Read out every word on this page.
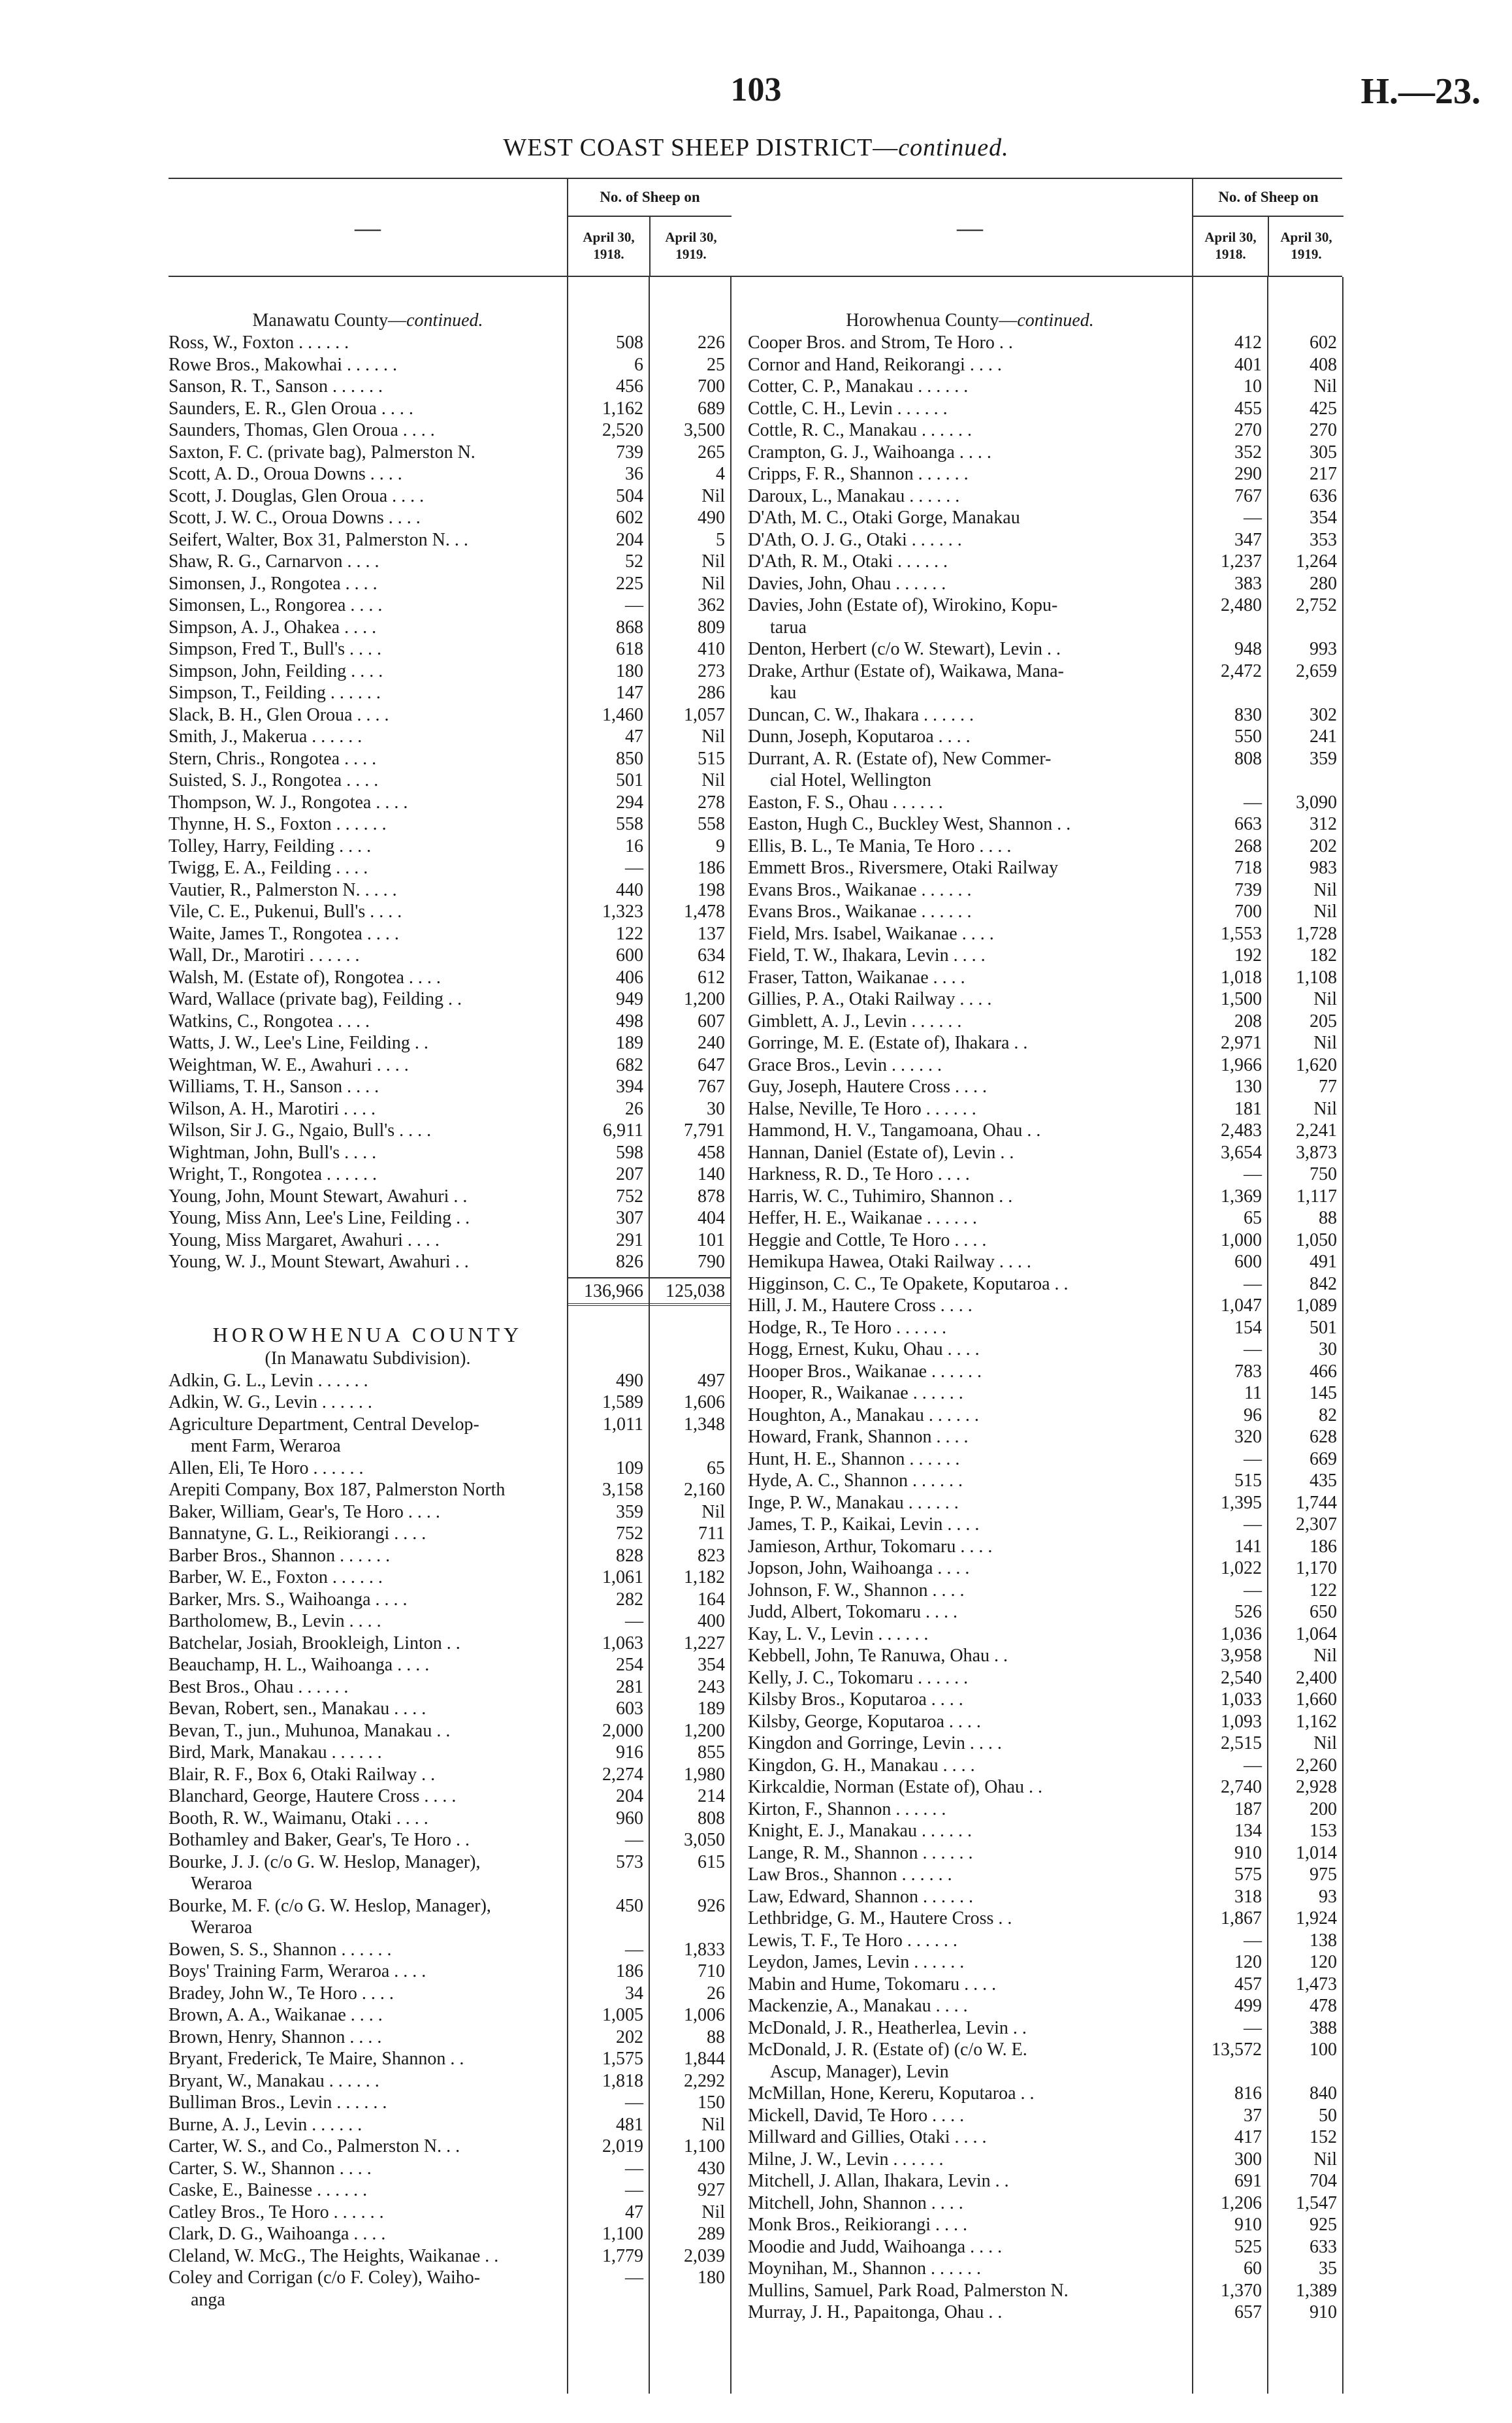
103	H.—23.
WEST COAST SHEEP DISTRICT—continued.
—
No. of Sheep on
April 30, 1918.
April 30, 1919.
Manawatu County—continued.
Ross, W., Foxton . . . . . .	508	226
Rowe Bros., Makowhai . . . . . .	6	25
Sanson, R. T., Sanson . . . . . .	456	700
Saunders, E. R., Glen Oroua . . . .	1,162	689
Saunders, Thomas, Glen Oroua . . . .	2,520	3,500
Saxton, F. C. (private bag), Palmerston N.	739	265
Scott, A. D., Oroua Downs . . . .	36	4
Scott, J. Douglas, Glen Oroua . . . .	504	Nil
Scott, J. W. C., Oroua Downs . . . .	602	490
Seifert, Walter, Box 31, Palmerston N. . .	204	5
Shaw, R. G., Carnarvon . . . .	52	Nil
Simonsen, J., Rongotea . . . .	225	Nil
Simonsen, L., Rongorea . . . .	—	362
Simpson, A. J., Ohakea . . . .	868	809
Simpson, Fred T., Bull's . . . .	618	410
Simpson, John, Feilding . . . .	180	273
Simpson, T., Feilding . . . . . .	147	286
Slack, B. H., Glen Oroua . . . .	1,460	1,057
Smith, J., Makerua . . . . . .	47	Nil
Stern, Chris., Rongotea . . . .	850	515
Suisted, S. J., Rongotea . . . .	501	Nil
Thompson, W. J., Rongotea . . . .	294	278
Thynne, H. S., Foxton . . . . . .	558	558
Tolley, Harry, Feilding . . . .	16	9
Twigg, E. A., Feilding . . . .	—	186
Vautier, R., Palmerston N. . . . .	440	198
Vile, C. E., Pukenui, Bull's . . . .	1,323	1,478
Waite, James T., Rongotea . . . .	122	137
Wall, Dr., Marotiri . . . . . .	600	634
Walsh, M. (Estate of), Rongotea . . . .	406	612
Ward, Wallace (private bag), Feilding . .	949	1,200
Watkins, C., Rongotea . . . .	498	607
Watts, J. W., Lee's Line, Feilding . .	189	240
Weightman, W. E., Awahuri . . . .	682	647
Williams, T. H., Sanson . . . .	394	767
Wilson, A. H., Marotiri . . . .	26	30
Wilson, Sir J. G., Ngaio, Bull's . . . .	6,911	7,791
Wightman, John, Bull's . . . .	598	458
Wright, T., Rongotea . . . . . .	207	140
Young, John, Mount Stewart, Awahuri . .	752	878
Young, Miss Ann, Lee's Line, Feilding . .	307	404
Young, Miss Margaret, Awahuri . . . .	291	101
Young, W. J., Mount Stewart, Awahuri . .	826	790
136,966	125,038
HOROWHENUA COUNTY
(In Manawatu Subdivision).
Adkin, G. L., Levin . . . . . .	490	497
Adkin, W. G., Levin . . . . . .	1,589	1,606
Agriculture Department, Central Develop-
ment Farm, Weraroa
1,011	1,348
Allen, Eli, Te Horo . . . . . .	109	65
Arepiti Company, Box 187, Palmerston North	3,158	2,160
Baker, William, Gear's, Te Horo . . . .	359	Nil
Bannatyne, G. L., Reikiorangi . . . .	752	711
Barber Bros., Shannon . . . . . .	828	823
Barber, W. E., Foxton . . . . . .	1,061	1,182
Barker, Mrs. S., Waihoanga . . . .	282	164
Bartholomew, B., Levin . . . .	—	400
Batchelar, Josiah, Brookleigh, Linton . .	1,063	1,227
Beauchamp, H. L., Waihoanga . . . .	254	354
Best Bros., Ohau . . . . . .	281	243
Bevan, Robert, sen., Manakau . . . .	603	189
Bevan, T., jun., Muhunoa, Manakau . .	2,000	1,200
Bird, Mark, Manakau . . . . . .	916	855
Blair, R. F., Box 6, Otaki Railway . .	2,274	1,980
Blanchard, George, Hautere Cross . . . .	204	214
Booth, R. W., Waimanu, Otaki . . . .	960	808
Bothamley and Baker, Gear's, Te Horo . .	—	3,050
Bourke, J. J. (c/o G. W. Heslop, Manager),
Weraroa
573	615
Bourke, M. F. (c/o G. W. Heslop, Manager),
Weraroa
450	926
Bowen, S. S., Shannon . . . . . .	—	1,833
Boys' Training Farm, Weraroa . . . .	186	710
Bradey, John W., Te Horo . . . .	34	26
Brown, A. A., Waikanae . . . .	1,005	1,006
Brown, Henry, Shannon . . . .	202	88
Bryant, Frederick, Te Maire, Shannon . .	1,575	1,844
Bryant, W., Manakau . . . . . .	1,818	2,292
Bulliman Bros., Levin . . . . . .	—	150
Burne, A. J., Levin . . . . . .	481	Nil
Carter, W. S., and Co., Palmerston N. . .	2,019	1,100
Carter, S. W., Shannon . . . .	—	430
Caske, E., Bainesse . . . . . .	—	927
Catley Bros., Te Horo . . . . . .	47	Nil
Clark, D. G., Waihoanga . . . .	1,100	289
Cleland, W. McG., The Heights, Waikanae . .	1,779	2,039
Coley and Corrigan (c/o F. Coley), Waiho-
anga
—	180
—
No. of Sheep on
April 30, 1918.
April 30, 1919.
Horowhenua County—continued.
Cooper Bros. and Strom, Te Horo . .	412	602
Cornor and Hand, Reikorangi . . . .	401	408
Cotter, C. P., Manakau . . . . . .	10	Nil
Cottle, C. H., Levin . . . . . .	455	425
Cottle, R. C., Manakau . . . . . .	270	270
Crampton, G. J., Waihoanga . . . .	352	305
Cripps, F. R., Shannon . . . . . .	290	217
Daroux, L., Manakau . . . . . .	767	636
D'Ath, M. C., Otaki Gorge, Manakau	—	354
D'Ath, O. J. G., Otaki . . . . . .	347	353
D'Ath, R. M., Otaki . . . . . .	1,237	1,264
Davies, John, Ohau . . . . . .	383	280
Davies, John (Estate of), Wirokino, Kopu-
tarua
2,480	2,752
Denton, Herbert (c/o W. Stewart), Levin . .	948	993
Drake, Arthur (Estate of), Waikawa, Mana-
kau
2,472	2,659
Duncan, C. W., Ihakara . . . . . .	830	302
Dunn, Joseph, Koputaroa . . . .	550	241
Durrant, A. R. (Estate of), New Commer-
cial Hotel, Wellington
808	359
Easton, F. S., Ohau . . . . . .	—	3,090
Easton, Hugh C., Buckley West, Shannon . .	663	312
Ellis, B. L., Te Mania, Te Horo . . . .	268	202
Emmett Bros., Riversmere, Otaki Railway	718	983
Evans Bros., Waikanae . . . . . .	739	Nil
Evans Bros., Waikanae . . . . . .	700	Nil
Field, Mrs. Isabel, Waikanae . . . .	1,553	1,728
Field, T. W., Ihakara, Levin . . . .	192	182
Fraser, Tatton, Waikanae . . . .	1,018	1,108
Gillies, P. A., Otaki Railway . . . .	1,500	Nil
Gimblett, A. J., Levin . . . . . .	208	205
Gorringe, M. E. (Estate of), Ihakara . .	2,971	Nil
Grace Bros., Levin . . . . . .	1,966	1,620
Guy, Joseph, Hautere Cross . . . .	130	77
Halse, Neville, Te Horo . . . . . .	181	Nil
Hammond, H. V., Tangamoana, Ohau . .	2,483	2,241
Hannan, Daniel (Estate of), Levin . .	3,654	3,873
Harkness, R. D., Te Horo . . . .	—	750
Harris, W. C., Tuhimiro, Shannon . .	1,369	1,117
Heffer, H. E., Waikanae . . . . . .	65	88
Heggie and Cottle, Te Horo . . . .	1,000	1,050
Hemikupa Hawea, Otaki Railway . . . .	600	491
Higginson, C. C., Te Opakete, Koputaroa . .	—	842
Hill, J. M., Hautere Cross . . . .	1,047	1,089
Hodge, R., Te Horo . . . . . .	154	501
Hogg, Ernest, Kuku, Ohau . . . .	—	30
Hooper Bros., Waikanae . . . . . .	783	466
Hooper, R., Waikanae . . . . . .	11	145
Houghton, A., Manakau . . . . . .	96	82
Howard, Frank, Shannon . . . .	320	628
Hunt, H. E., Shannon . . . . . .	—	669
Hyde, A. C., Shannon . . . . . .	515	435
Inge, P. W., Manakau . . . . . .	1,395	1,744
James, T. P., Kaikai, Levin . . . .	—	2,307
Jamieson, Arthur, Tokomaru . . . .	141	186
Jopson, John, Waihoanga . . . .	1,022	1,170
Johnson, F. W., Shannon . . . .	—	122
Judd, Albert, Tokomaru . . . .	526	650
Kay, L. V., Levin . . . . . .	1,036	1,064
Kebbell, John, Te Ranuwa, Ohau . .	3,958	Nil
Kelly, J. C., Tokomaru . . . . . .	2,540	2,400
Kilsby Bros., Koputaroa . . . .	1,033	1,660
Kilsby, George, Koputaroa . . . .	1,093	1,162
Kingdon and Gorringe, Levin . . . .	2,515	Nil
Kingdon, G. H., Manakau . . . .	—	2,260
Kirkcaldie, Norman (Estate of), Ohau . .	2,740	2,928
Kirton, F., Shannon . . . . . .	187	200
Knight, E. J., Manakau . . . . . .	134	153
Lange, R. M., Shannon . . . . . .	910	1,014
Law Bros., Shannon . . . . . .	575	975
Law, Edward, Shannon . . . . . .	318	93
Lethbridge, G. M., Hautere Cross . .	1,867	1,924
Lewis, T. F., Te Horo . . . . . .	—	138
Leydon, James, Levin . . . . . .	120	120
Mabin and Hume, Tokomaru . . . .	457	1,473
Mackenzie, A., Manakau . . . .	499	478
McDonald, J. R., Heatherlea, Levin . .	—	388
McDonald, J. R. (Estate of) (c/o W. E.
Ascup, Manager), Levin
13,572	100
McMillan, Hone, Kereru, Koputaroa . .	816	840
Mickell, David, Te Horo . . . .	37	50
Millward and Gillies, Otaki . . . .	417	152
Milne, J. W., Levin . . . . . .	300	Nil
Mitchell, J. Allan, Ihakara, Levin . .	691	704
Mitchell, John, Shannon . . . .	1,206	1,547
Monk Bros., Reikiorangi . . . .	910	925
Moodie and Judd, Waihoanga . . . .	525	633
Moynihan, M., Shannon . . . . . .	60	35
Mullins, Samuel, Park Road, Palmerston N.	1,370	1,389
Murray, J. H., Papaitonga, Ohau . .	657	910
